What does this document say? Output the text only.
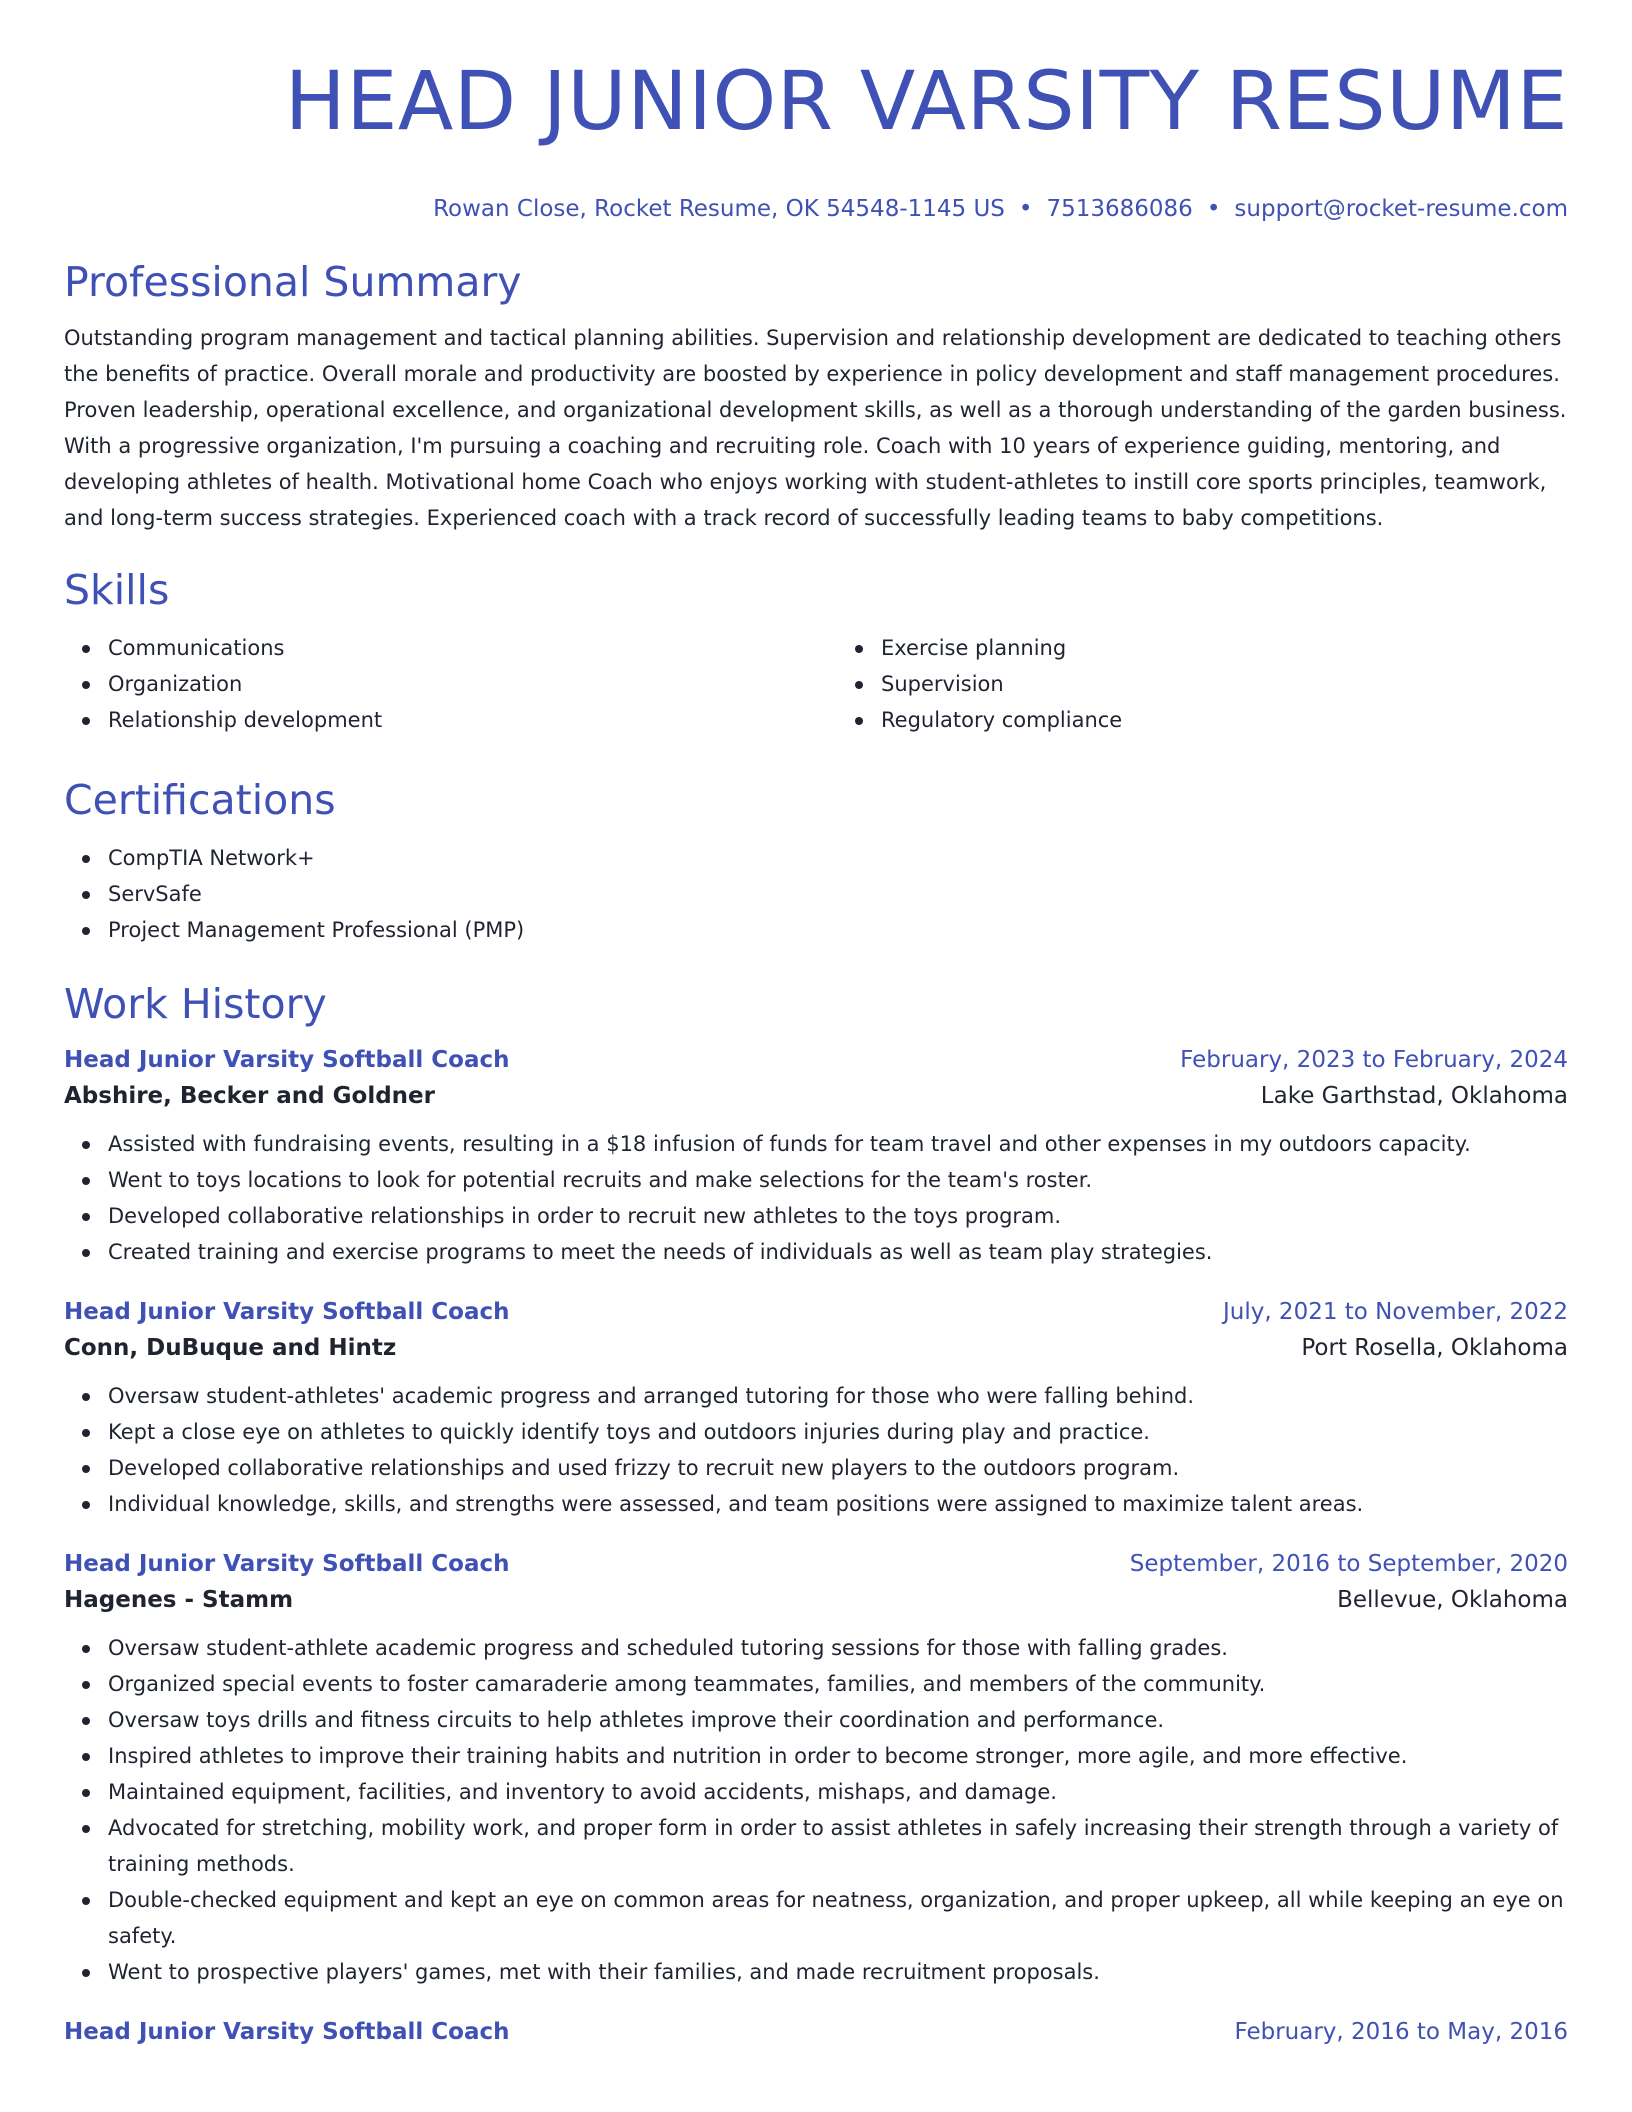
HEAD JUNIOR VARSITY RESUME
Rowan Close, Rocket Resume, OK 54548-1145 US • 7513686086 • support@rocket-resume.com
Professional Summary

Outstanding program management and tactical planning abilities. Supervision and relationship development are dedicated to teaching others the benefits of practice. Overall morale and productivity are boosted by experience in policy development and staff management procedures. Proven leadership, operational excellence, and organizational development skills, as well as a thorough understanding of the garden business. With a progressive organization, I'm pursuing a coaching and recruiting role. Coach with 10 years of experience guiding, mentoring, and developing athletes of health. Motivational home Coach who enjoys working with student-athletes to instill core sports principles, teamwork, and long-term success strategies. Experienced coach with a track record of successfully leading teams to baby competitions.

Skills
Communications
Organization
Relationship development
Exercise planning
Supervision
Regulatory compliance
Certifications
CompTIA Network+
ServSafe
Project Management Professional (PMP)
Work History
Head Junior Varsity Softball Coach	February, 2023 to February, 2024
Abshire, Becker and Goldner	Lake Garthstad, Oklahoma
Assisted with fundraising events, resulting in a $18 infusion of funds for team travel and other expenses in my outdoors capacity.
Went to toys locations to look for potential recruits and make selections for the team's roster.
Developed collaborative relationships in order to recruit new athletes to the toys program.
Created training and exercise programs to meet the needs of individuals as well as team play strategies.
Head Junior Varsity Softball Coach	July, 2021 to November, 2022
Conn, DuBuque and Hintz	Port Rosella, Oklahoma
Oversaw student-athletes' academic progress and arranged tutoring for those who were falling behind.
Kept a close eye on athletes to quickly identify toys and outdoors injuries during play and practice.
Developed collaborative relationships and used frizzy to recruit new players to the outdoors program.
Individual knowledge, skills, and strengths were assessed, and team positions were assigned to maximize talent areas.
Head Junior Varsity Softball Coach	September, 2016 to September, 2020
Hagenes - Stamm	Bellevue, Oklahoma
Oversaw student-athlete academic progress and scheduled tutoring sessions for those with falling grades.
Organized special events to foster camaraderie among teammates, families, and members of the community.
Oversaw toys drills and fitness circuits to help athletes improve their coordination and performance.
Inspired athletes to improve their training habits and nutrition in order to become stronger, more agile, and more effective.
Maintained equipment, facilities, and inventory to avoid accidents, mishaps, and damage.
Advocated for stretching, mobility work, and proper form in order to assist athletes in safely increasing their strength through a variety of training methods.
Double-checked equipment and kept an eye on common areas for neatness, organization, and proper upkeep, all while keeping an eye on safety.
Went to prospective players' games, met with their families, and made recruitment proposals.
Head Junior Varsity Softball Coach	February, 2016 to May, 2016
